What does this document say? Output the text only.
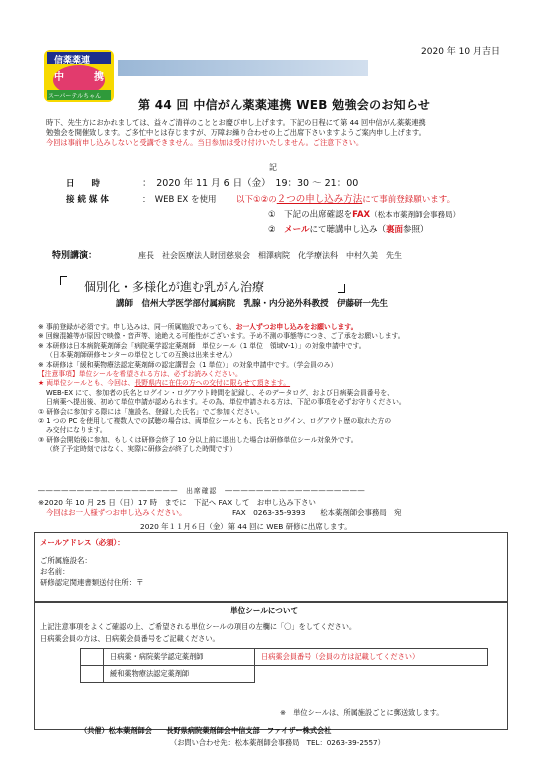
信薬薬連
中	携
スーパーテルちゃん
2020 年 10 月吉日
第 44 回 中信がん薬薬連携 WEB 勉強会のお知らせ
時下、先生方におかれましては、益々ご清祥のこととお慶び申し上げます。下記の日程にて第 44 回中信がん薬薬連携
勉強会を開催致します。ご多忙中とは存じますが、万障お繰り合わせの上ご出席下さいますようご案内申し上げます。
今回は事前申し込みしないと受講できません。当日参加は受け付けいたしません。ご注意下さい。
記
日　　時	：　2020 年 11 月 6 日（金）　19：30 ～ 21：00
接 続 媒 体	：　WEB EX を使用 以下①②の２つの申し込み方法にて事前登録願います。
①　下記の出席確認をFAX（松本市薬剤師会事務局）
②　メールにて聴講申し込み（裏面参照）
特別講演：	座長　社会医療法人財団慈泉会　相澤病院　化学療法科　中村久美　先生
個別化・多様化が進む乳がん治療
講師　信州大学医学部付属病院　乳腺・内分泌外科教授　伊藤研一先生
※ 事前登録が必須です。申し込みは、同一所属施設であっても、お一人ずつお申し込みをお願いします。
※ 回線混雑等が原因で映像・音声等、途絶える可能性がございます。予め不測の事態等につき、ご了承をお願いします。
※ 本研修は日本病院薬剤師会「病院薬学認定薬剤師　単位シール（1 単位　領域Ⅴ-1）」の対象申請中です。
（日本薬剤師研修センターの単位としての互換は出来ません）
※ 本研修は「緩和薬物療法認定薬剤師の認定講習会（1 単位）」の対象申請中です。（学会員のみ）
【注意事項】単位シールを希望される方は、必ずお読みください。
★ 両単位シールとも、今回は、長野県内に在住の方への交付に限らせて頂きます。
WEB-EX にて、参加者の氏名とログイン・ログアウト時間を記録し、そのデータログ、および日病薬会員番号を、
日病薬へ提出後、初めて単位申請が認められます。その為、単位申請される方は、下記の事項を必ずお守りください。
① 研修会に参加する際には「施設名、登録した氏名」でご参加ください。
② 1 つの PC を使用して複数人での試聴の場合は、両単位シールとも、氏名とログイン、ログアウト歴の取れた方の
み交付になります。
③ 研修会開始後に参加、もしくは研修会終了 10 分以上前に退出した場合は研修単位シール対象外です。
（終了予定時刻ではなく、実際に研修会が終了した時間です）
――――――――――――――――――　出席確認　――――――――――――――――――
※2020 年 10 月 25 日（日）17 時　までに　下記へ FAX して　お申し込み下さい
今回はお一人様ずつお申し込みください。	FAX　0263-35-9393　　松本薬剤師会事務局　宛
2020 年１１月６日（金）第 44 回に WEB 研修に出席します。
メールアドレス（必須）：
ご所属施設名：
お名前：
研修認定関連書類送付住所：〒
単位シールについて
上記注意事項をよくご確認の上、ご希望される単位シールの項目の左欄に「〇」をしてください。
日病薬会員の方は、日病薬会員番号をご記載ください。
	日病薬・病院薬学認定薬剤師	日病薬会員番号（会員の方は記載してください）
	緩和薬物療法認定薬剤師	
※　単位シールは、所属施設ごとに郵送致します。
（共催）松本薬剤師会　　長野県病院薬剤師会中信支部　ファイザー株式会社
（お問い合わせ先：松本薬剤師会事務局　TEL：0263-39-2557）
